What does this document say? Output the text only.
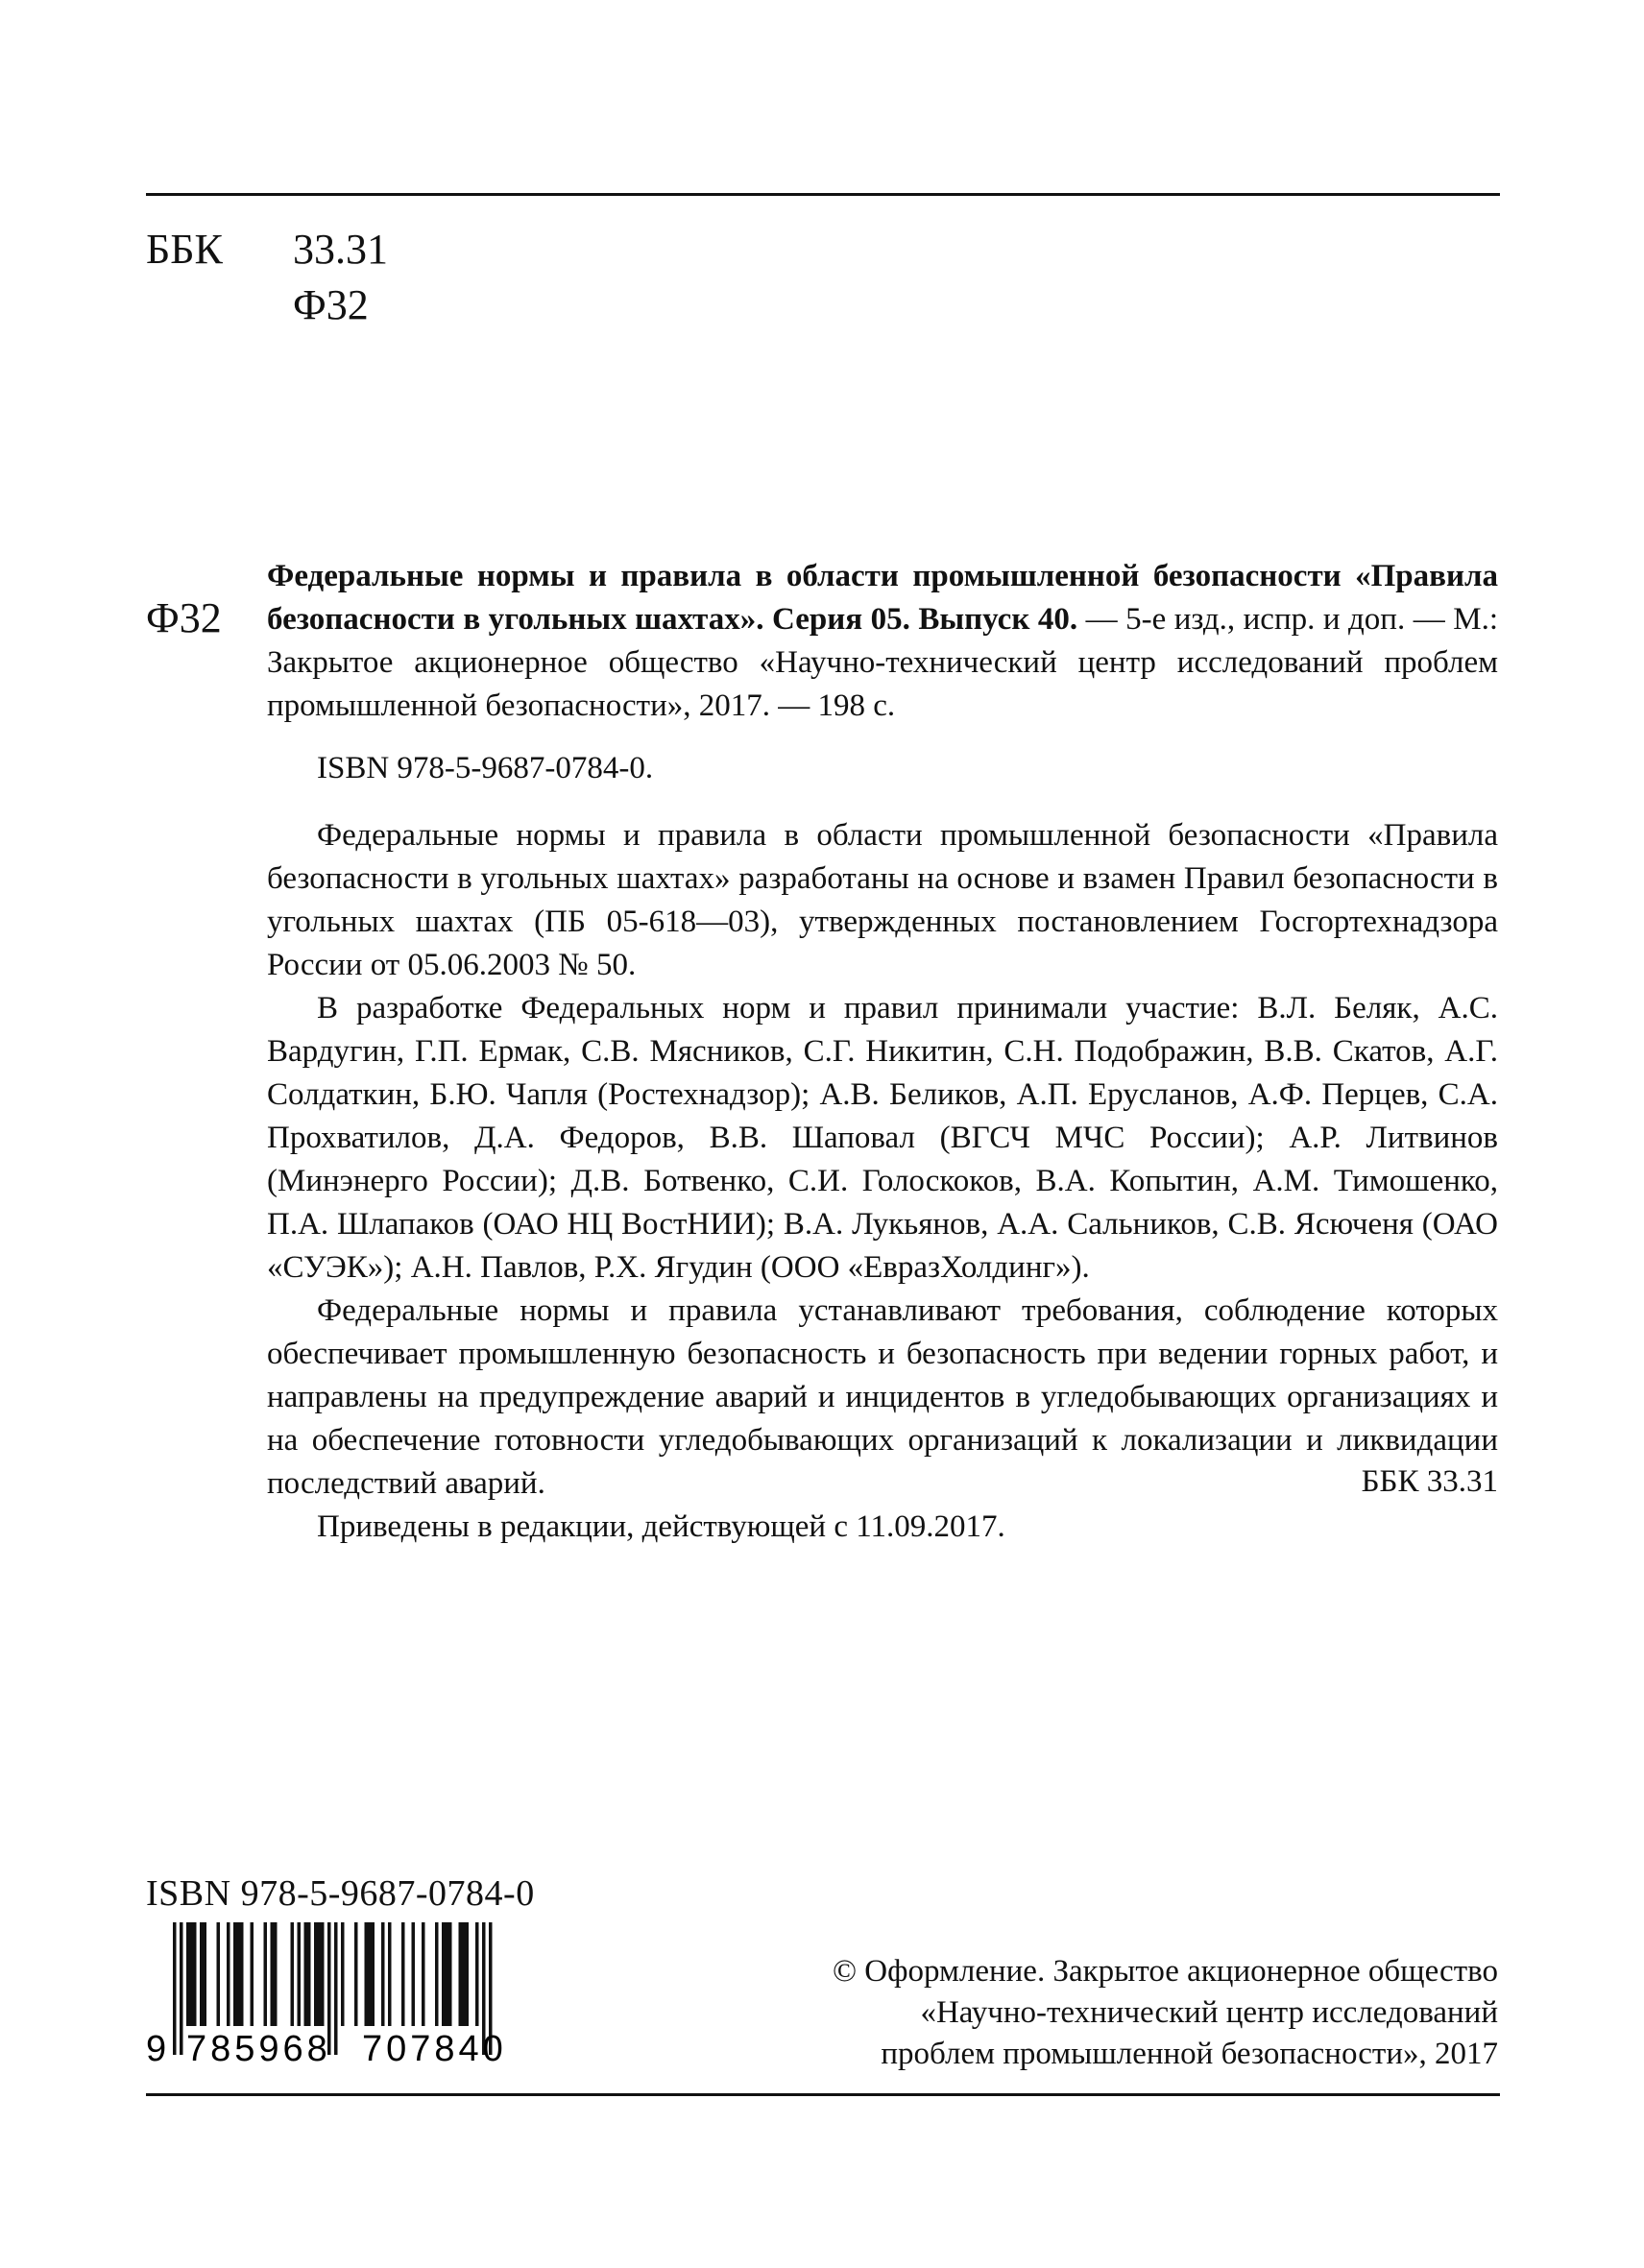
ББК 33.31
Ф32
Ф32
Федеральные нормы и правила в области промышленной безопасности «Правила безопасности в угольных шахтах». Серия 05. Выпуск 40. — 5-е изд., испр. и доп. — М.: Закрытое акционерное общество «Научно-технический центр исследований проблем промышленной безопасности», 2017. — 198 с.
ISBN 978-5-9687-0784-0.

Федеральные нормы и правила в области промышленной безопасности «Правила безопасности в угольных шахтах» разработаны на основе и взамен Правил безопасности в угольных шахтах (ПБ 05-618—03), утвержденных постановлением Госгортехнадзора России от 05.06.2003 № 50.

В разработке Федеральных норм и правил принимали участие: В.Л. Беляк, А.С. Вардугин, Г.П. Ермак, С.В. Мясников, С.Г. Никитин, С.Н. Подображин, В.В. Скатов, А.Г. Солдаткин, Б.Ю. Чапля (Ростехнадзор); А.В. Беликов, А.П. Ерусланов, А.Ф. Перцев, С.А. Прохватилов, Д.А. Федоров, В.В. Шаповал (ВГСЧ МЧС России); А.Р. Литвинов (Минэнерго России); Д.В. Ботвенко, С.И. Голоскоков, В.А. Копытин, А.М. Тимошенко, П.А. Шлапаков (ОАО НЦ ВостНИИ); В.А. Лукьянов, А.А. Сальников, С.В. Ясюченя (ОАО «СУЭК»); А.Н. Павлов, Р.Х. Ягудин (ООО «ЕвразХолдинг»).

Федеральные нормы и правила устанавливают требования, соблюдение которых обеспечивает промышленную безопасность и безопасность при ведении горных работ, и направлены на предупреждение аварий и инцидентов в угледобывающих организациях и на обеспечение готовности угледобывающих организаций к локализации и ликвидации последствий аварий.

Приведены в редакции, действующей с 11.09.2017.

ББК 33.31
ISBN 978-5-9687-0784-0
9 785968 707840
© Оформление. Закрытое акционерное общество
«Научно-технический центр исследований
проблем промышленной безопасности», 2017
